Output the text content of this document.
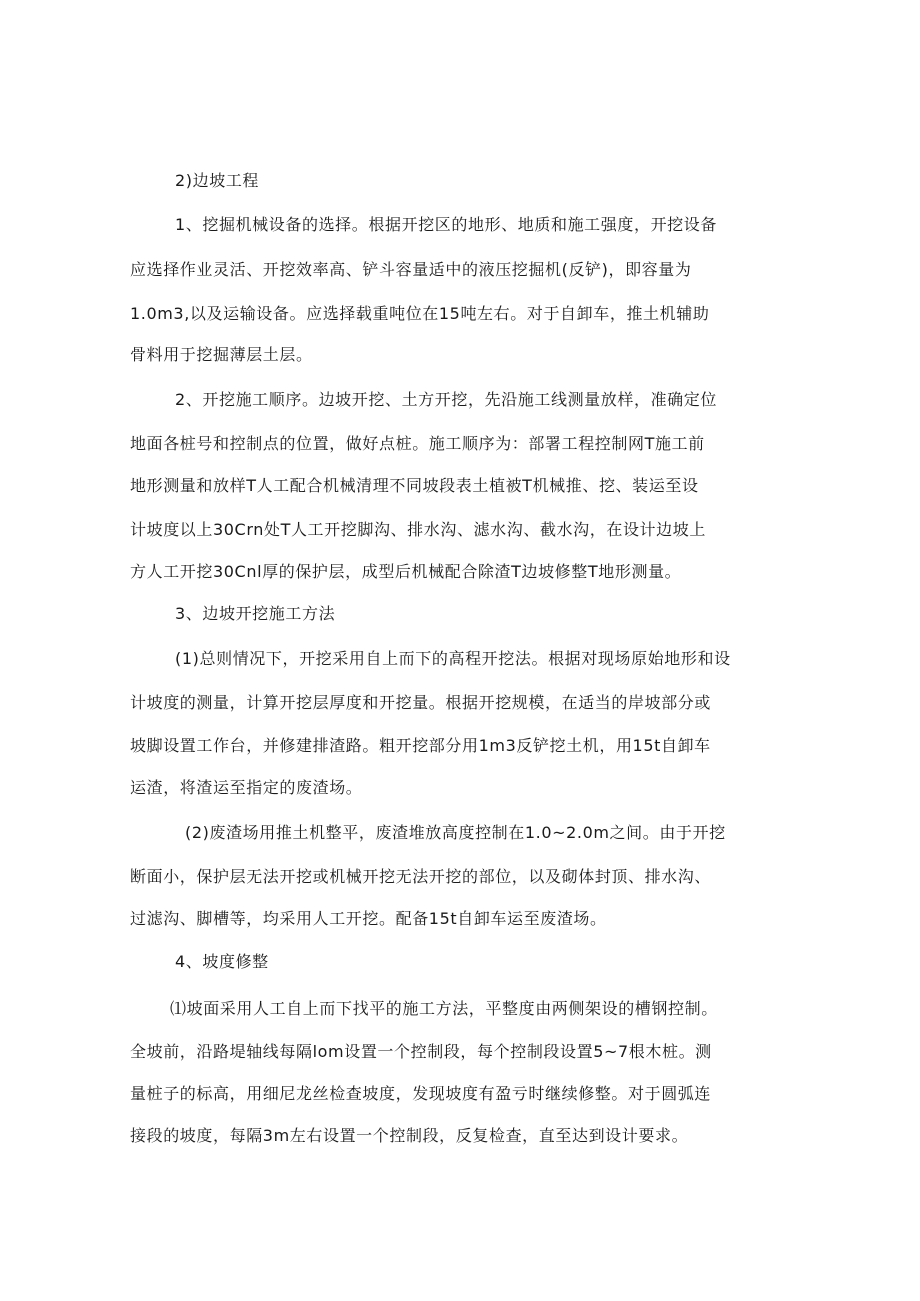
2)边坡工程
1、挖掘机械设备的选择。根据开挖区的地形、地质和施工强度，开挖设备
应选择作业灵活、开挖效率高、铲斗容量适中的液压挖掘机(反铲)，即容量为
1.0m3,以及运输设备。应选择载重吨位在15吨左右。对于自卸车，推土机辅助
骨料用于挖掘薄层土层。
2、开挖施工顺序。边坡开挖、土方开挖，先沿施工线测量放样，准确定位
地面各桩号和控制点的位置，做好点桩。施工顺序为：部署工程控制网T施工前
地形测量和放样T人工配合机械清理不同坡段表土植被T机械推、挖、装运至设
计坡度以上30Crn处T人工开挖脚沟、排水沟、滤水沟、截水沟，在设计边坡上
方人工开挖30Cnl厚的保护层，成型后机械配合除渣T边坡修整T地形测量。
3、边坡开挖施工方法
(1)总则情况下，开挖采用自上而下的高程开挖法。根据对现场原始地形和设
计坡度的测量，计算开挖层厚度和开挖量。根据开挖规模，在适当的岸坡部分或
坡脚设置工作台，并修建排渣路。粗开挖部分用1m3反铲挖土机，用15t自卸车
运渣，将渣运至指定的废渣场。
(2)废渣场用推土机整平，废渣堆放高度控制在1.0~2.0m之间。由于开挖
断面小，保护层无法开挖或机械开挖无法开挖的部位，以及砌体封顶、排水沟、
过滤沟、脚槽等，均采用人工开挖。配备15t自卸车运至废渣场。
4、坡度修整
⑴坡面采用人工自上而下找平的施工方法，平整度由两侧架设的槽钢控制。
全坡前，沿路堤轴线每隔lom设置一个控制段，每个控制段设置5~7根木桩。测
量桩子的标高，用细尼龙丝检查坡度，发现坡度有盈亏时继续修整。对于圆弧连
接段的坡度，每隔3m左右设置一个控制段，反复检查，直至达到设计要求。
